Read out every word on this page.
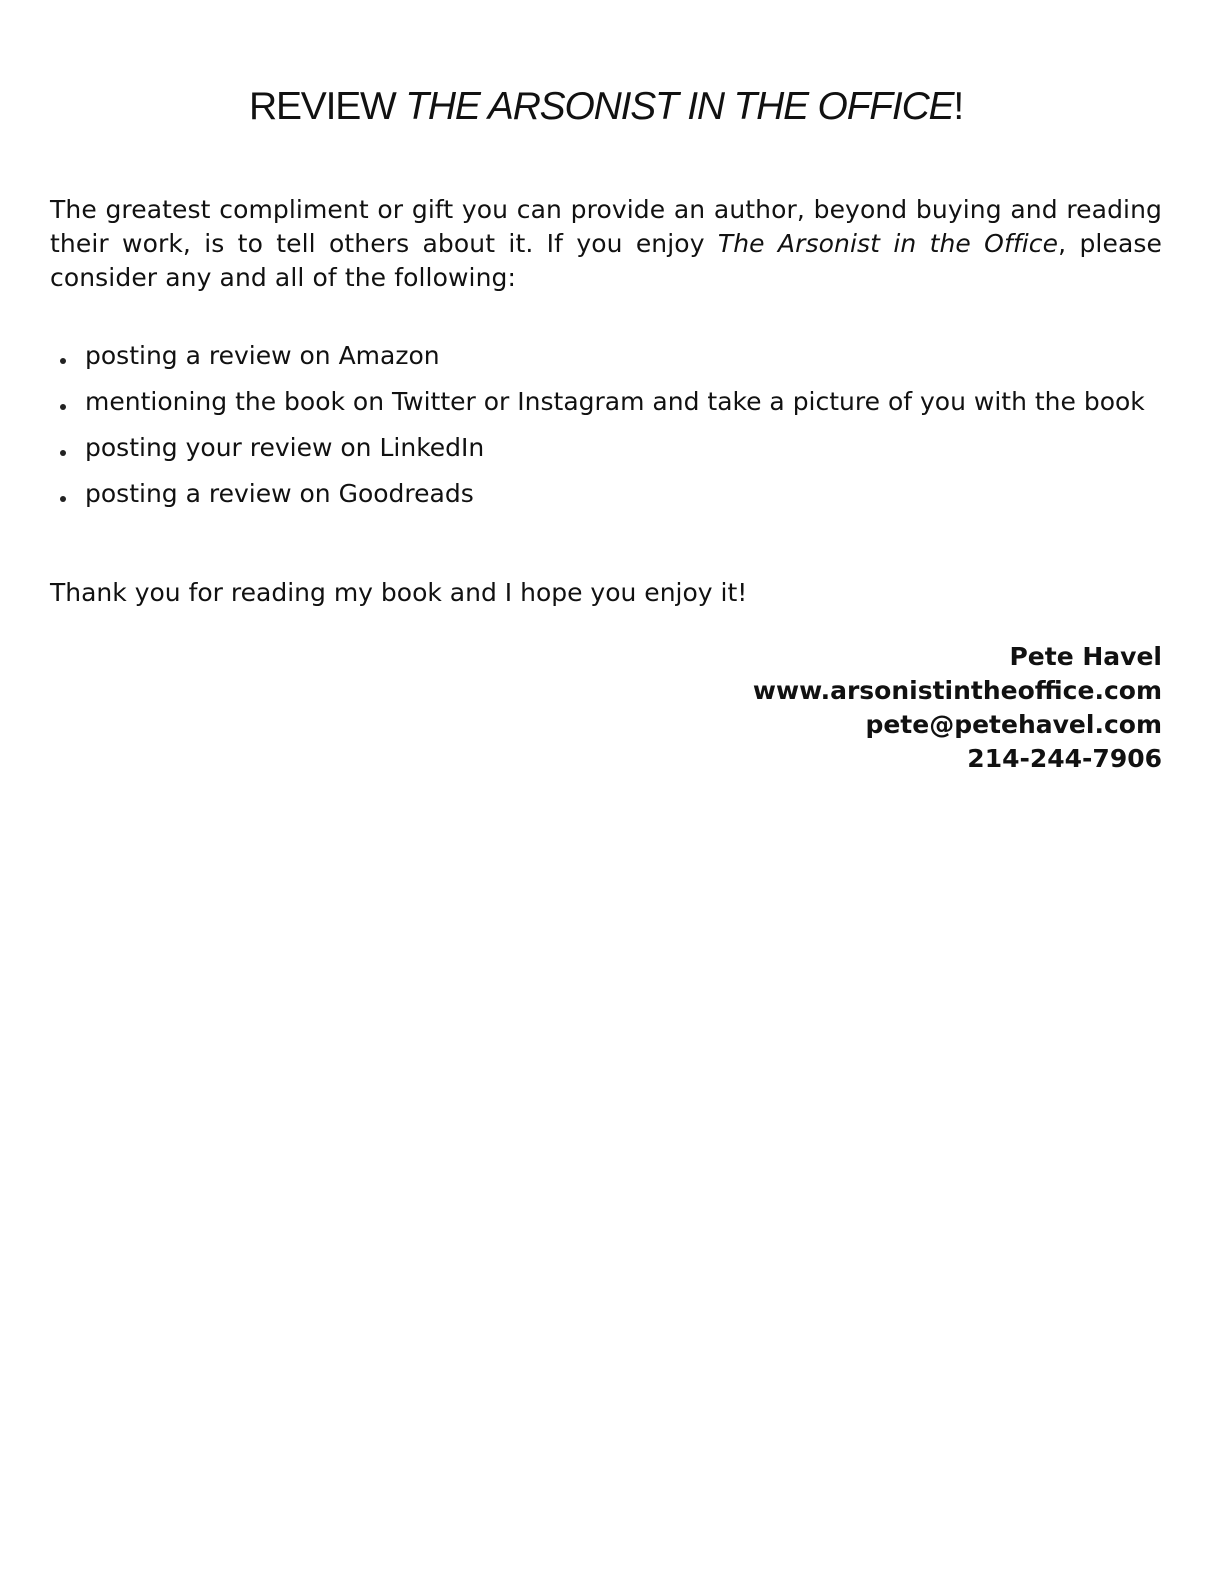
REVIEW THE ARSONIST IN THE OFFICE!

The greatest compliment or gift you can provide an author, beyond buying and reading their work, is to tell others about it. If you enjoy The Arsonist in the Office, please consider any and all of the following:

posting a review on Amazon
mentioning the book on Twitter or Instagram and take a picture of you with the book
posting your review on LinkedIn
posting a review on Goodreads

Thank you for reading my book and I hope you enjoy it!

Pete Havel
www.arsonistintheoffice.com
pete@petehavel.com
214-244-7906
